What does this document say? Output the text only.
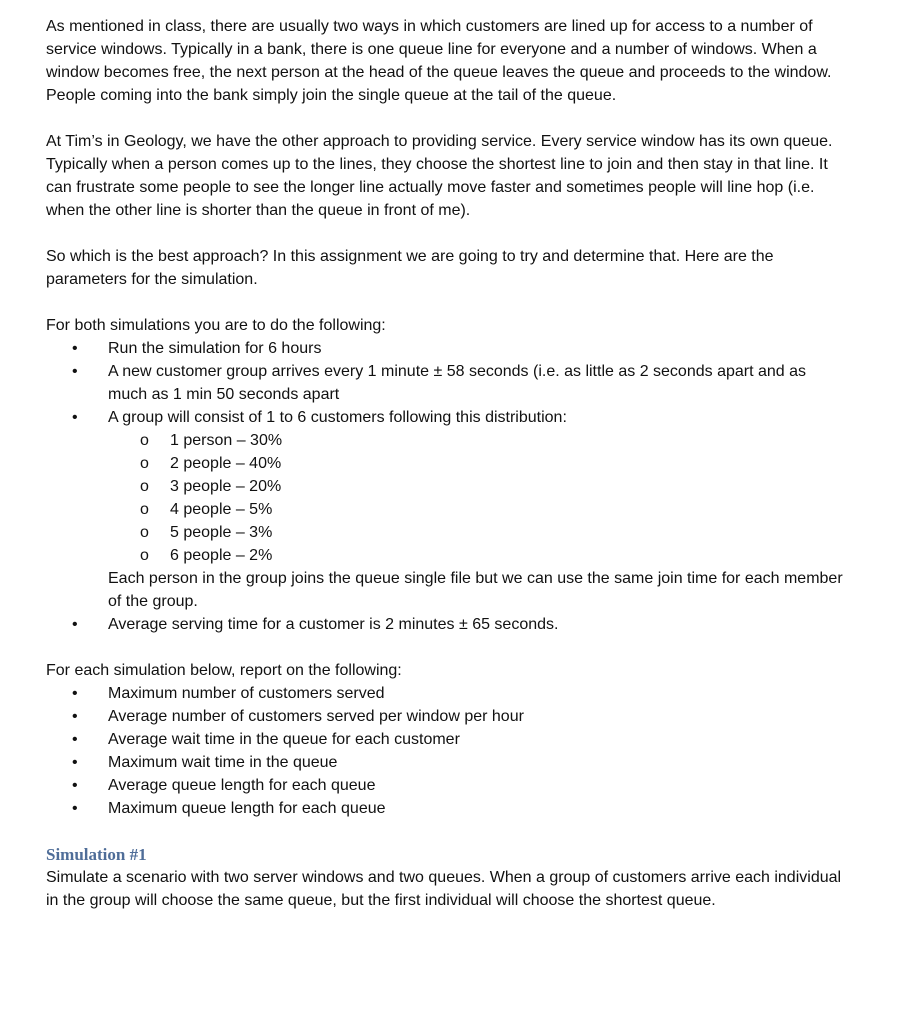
As mentioned in class, there are usually two ways in which customers are lined up for access to a number of service windows. Typically in a bank, there is one queue line for everyone and a number of windows. When a window becomes free, the next person at the head of the queue leaves the queue and proceeds to the window. People coming into the bank simply join the single queue at the tail of the queue.

At Tim’s in Geology, we have the other approach to providing service. Every service window has its own queue. Typically when a person comes up to the lines, they choose the shortest line to join and then stay in that line. It can frustrate some people to see the longer line actually move faster and sometimes people will line hop (i.e. when the other line is shorter than the queue in front of me).

So which is the best approach? In this assignment we are going to try and determine that. Here are the parameters for the simulation.

For both simulations you are to do the following:

•	Run the simulation for 6 hours
•	A new customer group arrives every 1 minute ± 58 seconds (i.e. as little as 2 seconds apart and as much as 1 min 50 seconds apart
•	A group will consist of 1 to 6 customers following this distribution:
o 1 person – 30%
o 2 people – 40%
o 3 people – 20%
o 4 people – 5%
o 5 people – 3%
o 6 people – 2%

Each person in the group joins the queue single file but we can use the same join time for each member of the group.

•	Average serving time for a customer is 2 minutes ± 65 seconds.

For each simulation below, report on the following:

•	Maximum number of customers served
•	Average number of customers served per window per hour
•	Average wait time in the queue for each customer
•	Maximum wait time in the queue
•	Average queue length for each queue
•	Maximum queue length for each queue
Simulation #1

Simulate a scenario with two server windows and two queues. When a group of customers arrive each individual in the group will choose the same queue, but the first individual will choose the shortest queue.
